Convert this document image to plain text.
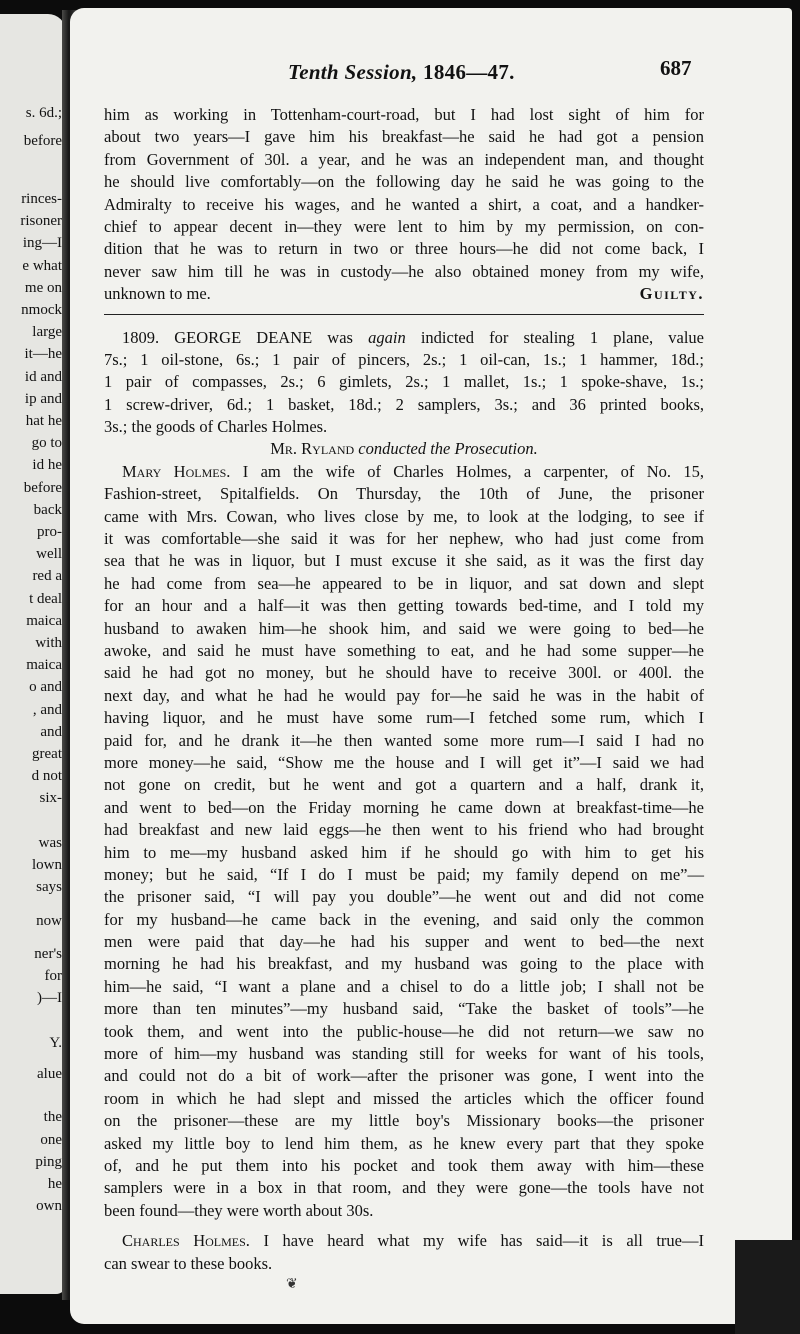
s. 6d.;
before
rinces-
risoner
ing—I
e what
me on
nmock
large
it—he
id and
ip and
hat he
go to
id he
before
back
pro-
well
red a
t deal
maica
with
maica
o and
, and
and
great
d not
six-
was
lown
says
now
ner's
for
)—I
Y.
alue
the
one
ping
he
own
Tenth Session, 1846—47.	687
him as working in Tottenham-court-road, but I had lost sight of him for
about two years—I gave him his breakfast—he said he had got a pension
from Government of 30l. a year, and he was an independent man, and thought
he should live comfortably—on the following day he said he was going to the
Admiralty to receive his wages, and he wanted a shirt, a coat, and a handker-
chief to appear decent in—they were lent to him by my permission, on con-
dition that he was to return in two or three hours—he did not come back, I
never saw him till he was in custody—he also obtained money from my wife,
unknown to me.	Guilty.
1809. GEORGE DEANE was again indicted for stealing 1 plane, value
7s.; 1 oil-stone, 6s.; 1 pair of pincers, 2s.; 1 oil-can, 1s.; 1 hammer, 18d.;
1 pair of compasses, 2s.; 6 gimlets, 2s.; 1 mallet, 1s.; 1 spoke-shave, 1s.;
1 screw-driver, 6d.; 1 basket, 18d.; 2 samplers, 3s.; and 36 printed books,
3s.; the goods of Charles Holmes.
Mr. Ryland conducted the Prosecution.
Mary Holmes. I am the wife of Charles Holmes, a carpenter, of No. 15,
Fashion-street, Spitalfields. On Thursday, the 10th of June, the prisoner
came with Mrs. Cowan, who lives close by me, to look at the lodging, to see if
it was comfortable—she said it was for her nephew, who had just come from
sea that he was in liquor, but I must excuse it she said, as it was the first day
he had come from sea—he appeared to be in liquor, and sat down and slept
for an hour and a half—it was then getting towards bed-time, and I told my
husband to awaken him—he shook him, and said we were going to bed—he
awoke, and said he must have something to eat, and he had some supper—he
said he had got no money, but he should have to receive 300l. or 400l. the
next day, and what he had he would pay for—he said he was in the habit of
having liquor, and he must have some rum—I fetched some rum, which I
paid for, and he drank it—he then wanted some more rum—I said I had no
more money—he said, “Show me the house and I will get it”—I said we had
not gone on credit, but he went and got a quartern and a half, drank it,
and went to bed—on the Friday morning he came down at breakfast-time—he
had breakfast and new laid eggs—he then went to his friend who had brought
him to me—my husband asked him if he should go with him to get his
money; but he said, “If I do I must be paid; my family depend on me”—
the prisoner said, “I will pay you double”—he went out and did not come
for my husband—he came back in the evening, and said only the common
men were paid that day—he had his supper and went to bed—the next
morning he had his breakfast, and my husband was going to the place with
him—he said, “I want a plane and a chisel to do a little job; I shall not be
more than ten minutes”—my husband said, “Take the basket of tools”—he
took them, and went into the public-house—he did not return—we saw no
more of him—my husband was standing still for weeks for want of his tools,
and could not do a bit of work—after the prisoner was gone, I went into the
room in which he had slept and missed the articles which the officer found
on the prisoner—these are my little boy's Missionary books—the prisoner
asked my little boy to lend him them, as he knew every part that they spoke
of, and he put them into his pocket and took them away with him—these
samplers were in a box in that room, and they were gone—the tools have not
been found—they were worth about 30s.
Charles Holmes. I have heard what my wife has said—it is all true—I
can swear to these books.
❦
